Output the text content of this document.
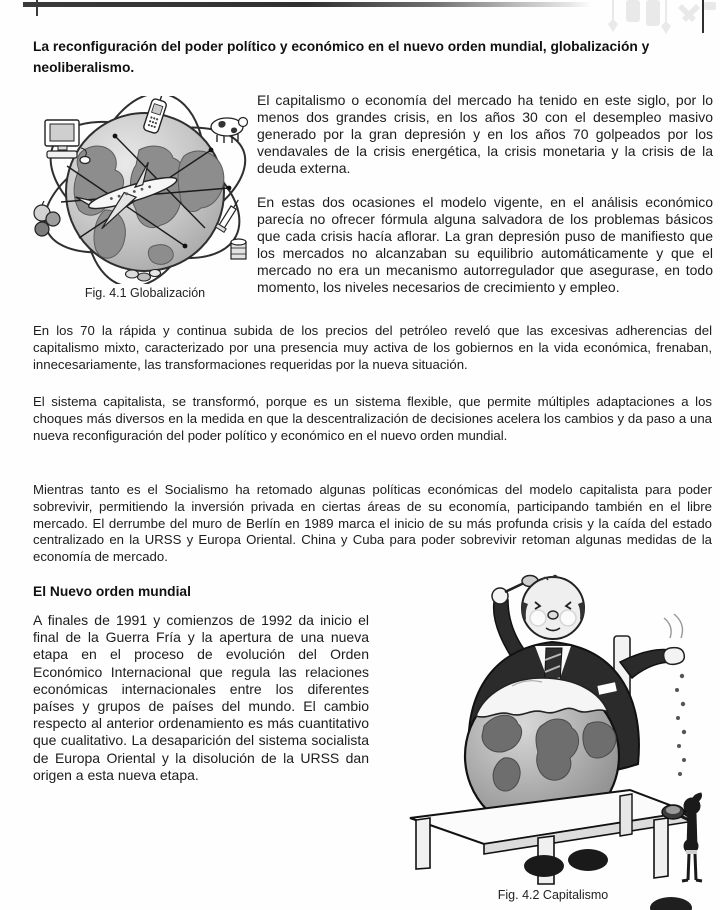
La reconfiguración del poder político y económico en el nuevo orden mundial, globalización y neoliberalismo.
Fig. 4.1 Globalización

El capitalismo o economía del mercado ha tenido en este siglo, por lo menos dos grandes crisis, en los años 30 con el desempleo masivo generado por la gran depresión y en los años 70 golpeados por los vendavales de la crisis energética, la crisis monetaria y la crisis de la deuda externa.

En estas dos ocasiones el modelo vigente, en el análisis económico parecía no ofrecer fórmula alguna salvadora de los problemas básicos que cada crisis hacía aflorar. La gran depresión puso de manifiesto que los mercados no alcanzaban su equilibrio automáticamente y que el mercado no era un mecanismo autorregulador que asegurase, en todo momento, los niveles necesarios de crecimiento y empleo.

En los 70 la rápida y continua subida de los precios del petróleo reveló que las excesivas adherencias del capitalismo mixto, caracterizado por una presencia muy activa de los gobiernos en la vida económica, frenaban, innecesariamente, las transformaciones requeridas por la nueva situación.
El sistema capitalista, se transformó, porque es un sistema flexible, que permite múltiples adaptaciones a los choques más diversos en la medida en que la descentralización de decisiones acelera los cambios y da paso a una nueva reconfiguración del poder político y económico en el nuevo orden mundial.
Mientras tanto es el Socialismo ha retomado algunas políticas económicas del modelo capitalista para poder sobrevivir, permitiendo la inversión privada en ciertas áreas de su economía, participando también en el libre mercado. El derrumbe del muro de Berlín en 1989 marca el inicio de su más profunda crisis y la caída del estado centralizado en la URSS y Europa Oriental. China y Cuba para poder sobrevivir retoman algunas medidas de la economía de mercado.
El Nuevo orden mundial
A finales de 1991 y comienzos de 1992 da inicio el final de la Guerra Fría y la apertura de una nueva etapa en el proceso de evolución del Orden Económico Internacional que regula las relaciones económicas internacionales entre los diferentes países y grupos de países del mundo. El cambio respecto al anterior ordenamiento es más cuantitativo que cualitativo. La desaparición del sistema socialista de Europa Oriental y la disolución de la URSS dan origen a esta nueva etapa.
Fig. 4.2 Capitalismo
